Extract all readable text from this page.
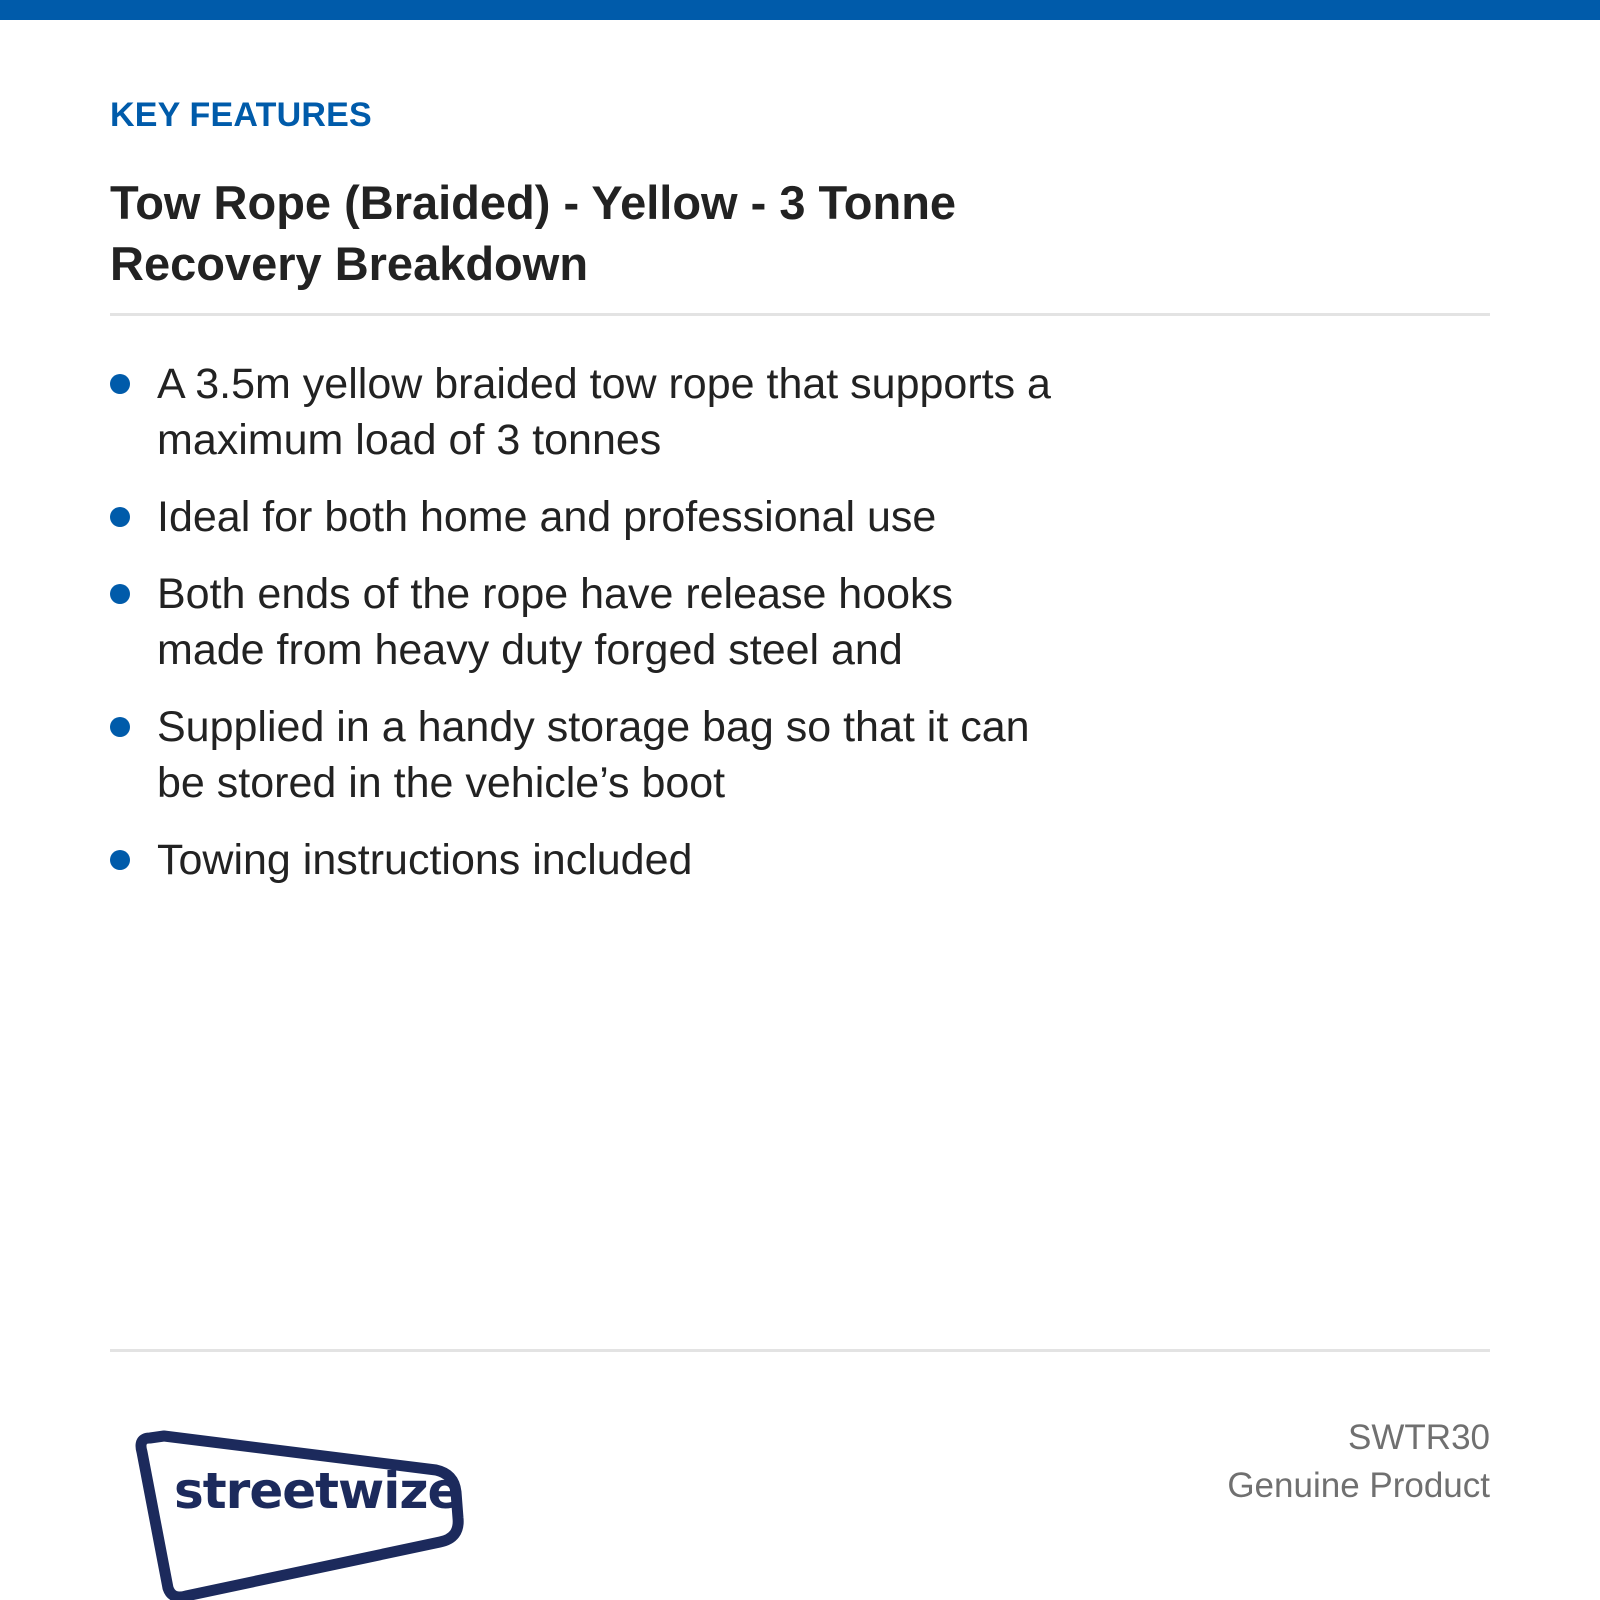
KEY FEATURES
Tow Rope (Braided) - Yellow - 3 Tonne Recovery Breakdown
A 3.5m yellow braided tow rope that supports a maximum load of 3 tonnes
Ideal for both home and professional use
Both ends of the rope have release hooks made from heavy duty forged steel and
Supplied in a handy storage bag so that it can be stored in the vehicle’s boot
Towing instructions included
streetwize
SWTR30
Genuine Product
